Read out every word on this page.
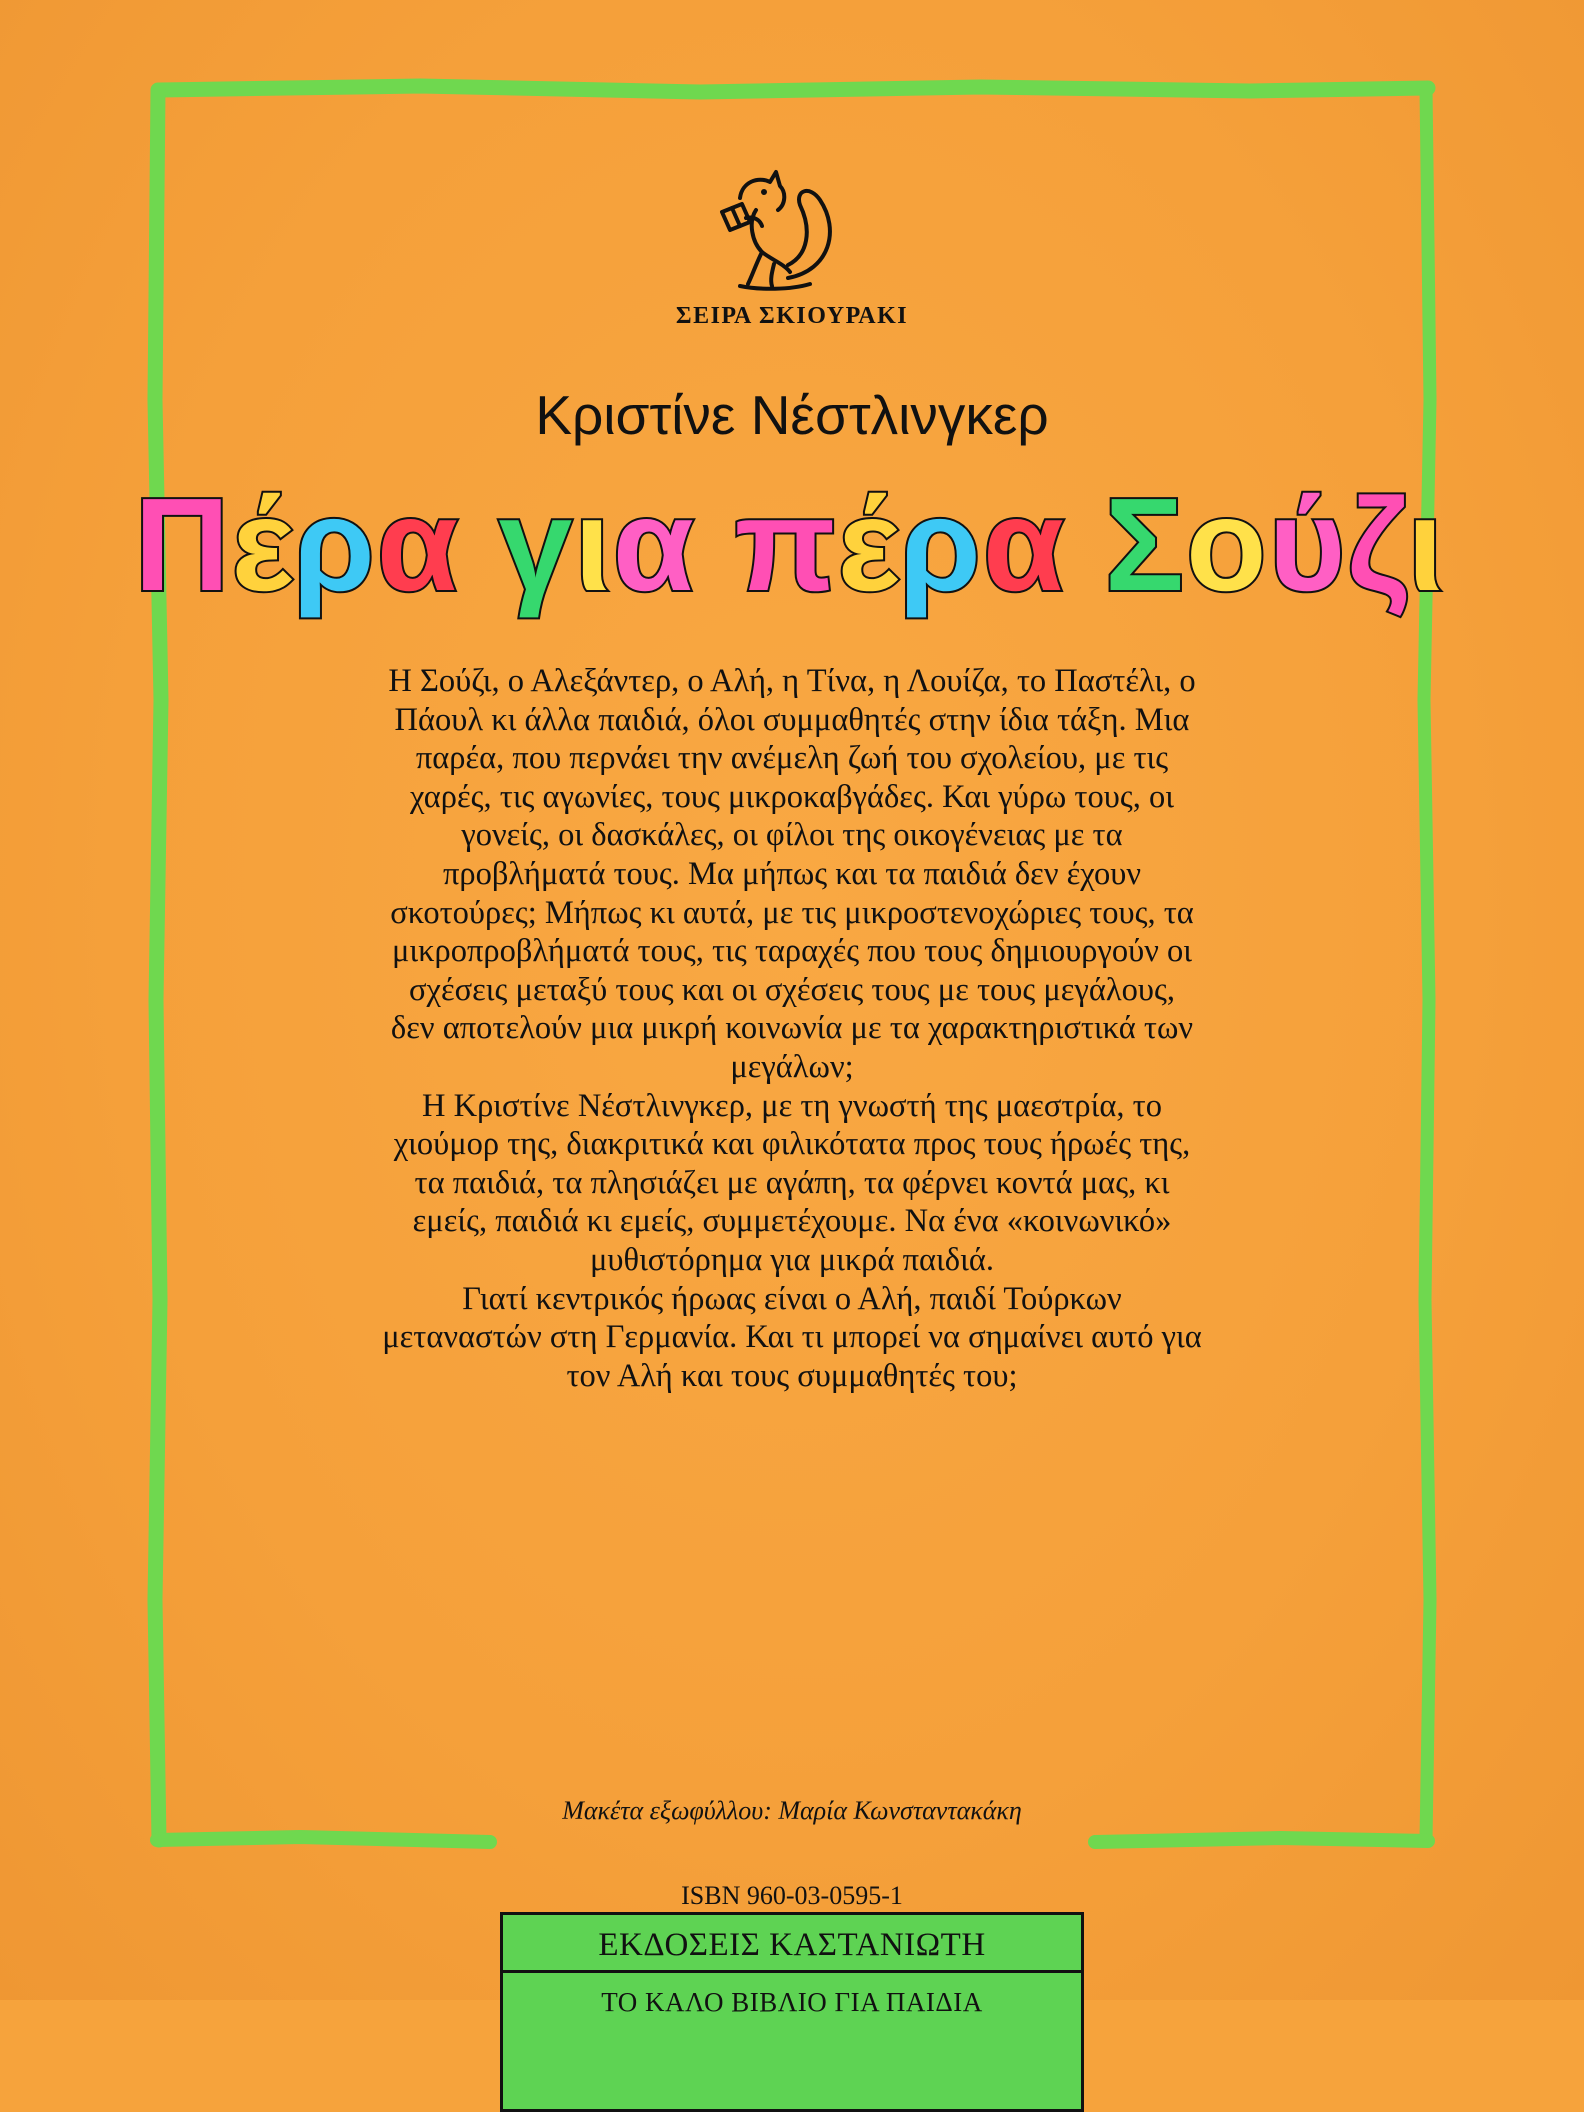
ΣΕΙΡΑ ΣΚΙΟΥΡΑΚΙ
Κριστίνε Νέστλινγκερ
Πέρα για πέρα Σούζι
Η Σούζι, ο Αλεξάντερ, ο Αλή, η Τίνα, η Λουίζα, το Παστέλι, ο
Πάουλ κι άλλα παιδιά, όλοι συμμαθητές στην ίδια τάξη. Μια
παρέα, που περνάει την ανέμελη ζωή του σχολείου, με τις
χαρές, τις αγωνίες, τους μικροκαβγάδες. Και γύρω τους, οι
γονείς, οι δασκάλες, οι φίλοι της οικογένειας με τα
προβλήματά τους. Μα μήπως και τα παιδιά δεν έχουν
σκοτούρες; Μήπως κι αυτά, με τις μικροστενοχώριες τους, τα
μικροπροβλήματά τους, τις ταραχές που τους δημιουργούν οι
σχέσεις μεταξύ τους και οι σχέσεις τους με τους μεγάλους,
δεν αποτελούν μια μικρή κοινωνία με τα χαρακτηριστικά των
μεγάλων;
Η Κριστίνε Νέστλινγκερ, με τη γνωστή της μαεστρία, το
χιούμορ της, διακριτικά και φιλικότατα προς τους ήρωές της,
τα παιδιά, τα πλησιάζει με αγάπη, τα φέρνει κοντά μας, κι
εμείς, παιδιά κι εμείς, συμμετέχουμε. Να ένα «κοινωνικό»
μυθιστόρημα για μικρά παιδιά.
Γιατί κεντρικός ήρωας είναι ο Αλή, παιδί Τούρκων
μεταναστών στη Γερμανία. Και τι μπορεί να σημαίνει αυτό για
τον Αλή και τους συμμαθητές του;
Μακέτα εξωφύλλου: Μαρία Κωνσταντακάκη
ISBN 960-03-0595-1
ΕΚΔΟΣΕΙΣ ΚΑΣΤΑΝΙΩΤΗ
ΤΟ ΚΑΛΟ ΒΙΒΛΙΟ ΓΙΑ ΠΑΙΔΙΑ
